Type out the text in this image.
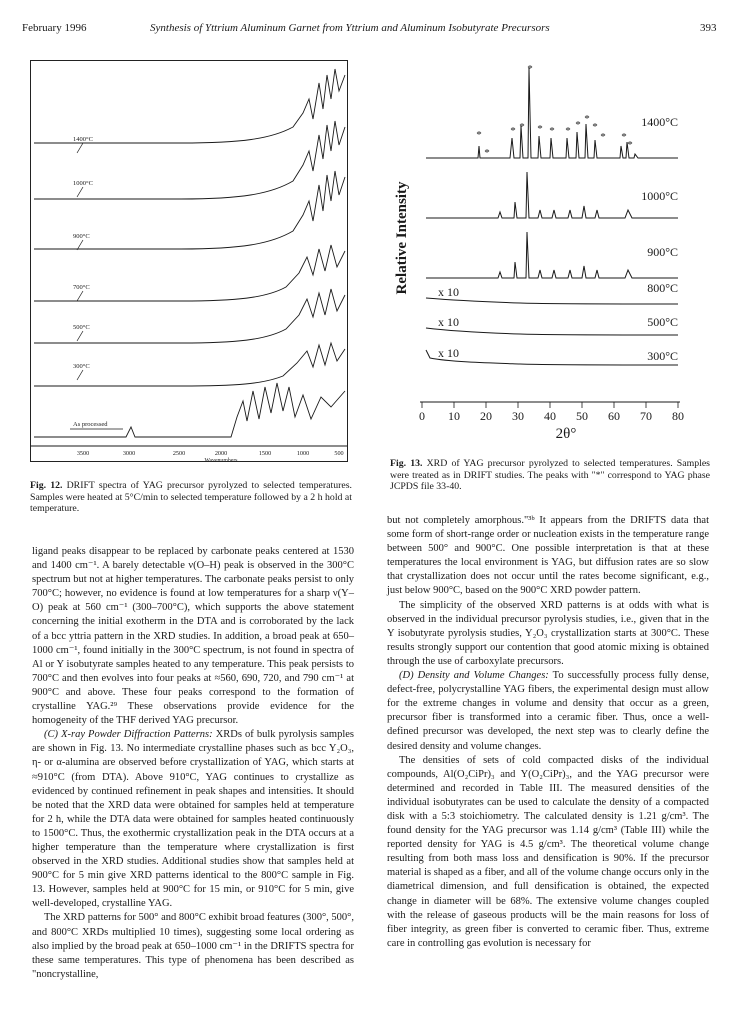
February 1996	Synthesis of Yttrium Aluminum Garnet from Yttrium and Aluminum Isobutyrate Precursors	393
1400°C
1000°C
900°C
700°C
500°C
300°C
As processed
3500	3000	2500	2000	1500	1000	500
Wavenumbers
Fig. 12. DRIFT spectra of YAG precursor pyrolyzed to selected temperatures. Samples were heated at 5°C/min to selected temperature followed by a 2 h hold at temperature.
Relative Intensity
*
*
*
* * * * * * *
*
* *
*
1400°C
1000°C
900°C
800°C
500°C
300°C
x 10
x 10
x 10
0 10 20 30 40 50 60 70 80
2θ°
Fig. 13. XRD of YAG precursor pyrolyzed to selected temperatures. Samples were treated as in DRIFT studies. The peaks with "*" correspond to YAG phase JCPDS file 33-40.

ligand peaks disappear to be replaced by carbonate peaks centered at 1530 and 1400 cm⁻¹. A barely detectable ν(O–H) peak is observed in the 300°C spectrum but not at higher temperatures. The carbonate peaks persist to only 700°C; however, no evidence is found at low temperatures for a sharp ν(Y–O) peak at 560 cm⁻¹ (300–700°C), which supports the above statement concerning the initial exotherm in the DTA and is corroborated by the lack of a bcc yttria pattern in the XRD studies. In addition, a broad peak at 650–1000 cm⁻¹, found initially in the 300°C spectrum, is not found in spectra of Al or Y isobutyrate samples heated to any temperature. This peak persists to 700°C and then evolves into four peaks at ≈560, 690, 720, and 790 cm⁻¹ at 900°C and above. These four peaks correspond to the formation of crystalline YAG.²⁹ These observations provide evidence for the homogeneity of the THF derived YAG precursor.

(C) X-ray Powder Diffraction Patterns: XRDs of bulk pyrolysis samples are shown in Fig. 13. No intermediate crystalline phases such as bcc Y₂O₃, η- or α-alumina are observed before crystallization of YAG, which starts at ≈910°C (from DTA). Above 910°C, YAG continues to crystallize as evidenced by continued refinement in peak shapes and intensities. It should be noted that the XRD data were obtained for samples held at temperature for 2 h, while the DTA data were obtained for samples heated continuously to 1500°C. Thus, the exothermic crystallization peak in the DTA occurs at a higher temperature than the temperature where crystallization is first observed in the XRD studies. Additional studies show that samples held at 900°C for 5 min give XRD patterns identical to the 800°C sample in Fig. 13. However, samples held at 900°C for 15 min, or 910°C for 5 min, give well-developed, crystalline YAG.

The XRD patterns for 500° and 800°C exhibit broad features (300°, 500°, and 800°C XRDs multiplied 10 times), suggesting some local ordering as also implied by the broad peak at 650–1000 cm⁻¹ in the DRIFTS spectra for these same temperatures. This type of phenomena has been described as "noncrystalline,

but not completely amorphous."³ᵇ It appears from the DRIFTS data that some form of short-range order or nucleation exists in the temperature range between 500° and 900°C. One possible interpretation is that at these temperatures the local environment is YAG, but diffusion rates are so slow that crystallization does not occur until the rates become significant, e.g., just below 900°C, based on the 900°C XRD powder pattern.

The simplicity of the observed XRD patterns is at odds with what is observed in the individual precursor pyrolysis studies, i.e., given that in the Y isobutyrate pyrolysis studies, Y₂O₃ crystallization starts at 300°C. These results strongly support our contention that good atomic mixing is obtained through the use of carboxylate precursors.

(D) Density and Volume Changes: To successfully process fully dense, defect-free, polycrystalline YAG fibers, the experimental design must allow for the extreme changes in volume and density that occur as a green, precursor fiber is transformed into a ceramic fiber. Thus, once a well-defined precursor was developed, the next step was to clearly define the desired density and volume changes.

The densities of sets of cold compacted disks of the individual compounds, Al(O₂CiPr)₃ and Y(O₂CiPr)₃, and the YAG precursor were determined and recorded in Table III. The measured densities of the individual isobutyrates can be used to calculate the density of a compacted disk with a 5:3 stoichiometry. The calculated density is 1.21 g/cm³. The found density for the YAG precursor was 1.14 g/cm³ (Table III) while the reported density for YAG is 4.5 g/cm³. The theoretical volume change resulting from both mass loss and densification is 90%. If the precursor material is shaped as a fiber, and all of the volume change occurs only in the diametrical dimension, and full densification is obtained, the expected change in diameter will be 68%. The extensive volume changes coupled with the release of gaseous products will be the main reasons for loss of fiber integrity, as green fiber is converted to ceramic fiber. Thus, extreme care in controlling gas evolution is necessary for
